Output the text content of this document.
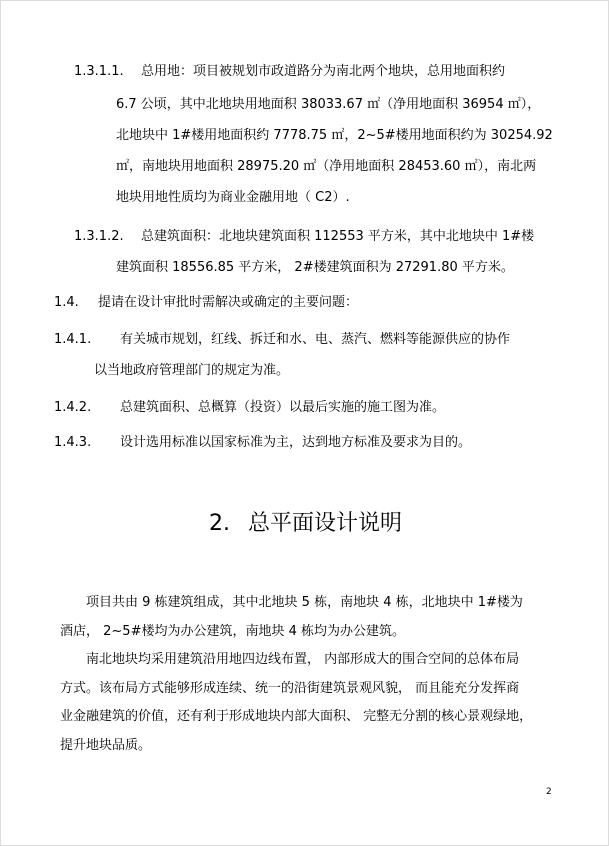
1.3.1.1. 总用地：项目被规划市政道路分为南北两个地块，总用地面积约
6.7 公顷，其中北地块用地面积 38033.67 ㎡（净用地面积 36954 ㎡），
北地块中 1#楼用地面积约 7778.75 ㎡，2~5#楼用地面积约为 30254.92
㎡，南地块用地面积 28975.20 ㎡（净用地面积 28453.60 ㎡），南北两
地块用地性质均为商业金融用地（ C2）.
1.3.1.2. 总建筑面积：北地块建筑面积 112553 平方米，其中北地块中 1#楼
建筑面积 18556.85 平方米， 2#楼建筑面积为 27291.80 平方米。
1.4. 提请在设计审批时需解决或确定的主要问题：
1.4.1. 有关城市规划，红线、拆迁和水、电、蒸汽、燃料等能源供应的协作
以当地政府管理部门的规定为准。
1.4.2. 总建筑面积、总概算（投资）以最后实施的施工图为准。
1.4.3. 设计选用标准以国家标准为主，达到地方标准及要求为目的。
2. 总平面设计说明
项目共由 9 栋建筑组成，其中北地块 5 栋，南地块 4 栋，北地块中 1#楼为
酒店， 2~5#楼均为办公建筑，南地块 4 栋均为办公建筑。
南北地块均采用建筑沿用地四边线布置， 内部形成大的围合空间的总体布局
方式。该布局方式能够形成连续、统一的沿街建筑景观风貌， 而且能充分发挥商
业金融建筑的价值，还有利于形成地块内部大面积、 完整无分割的核心景观绿地，
提升地块品质。
2
